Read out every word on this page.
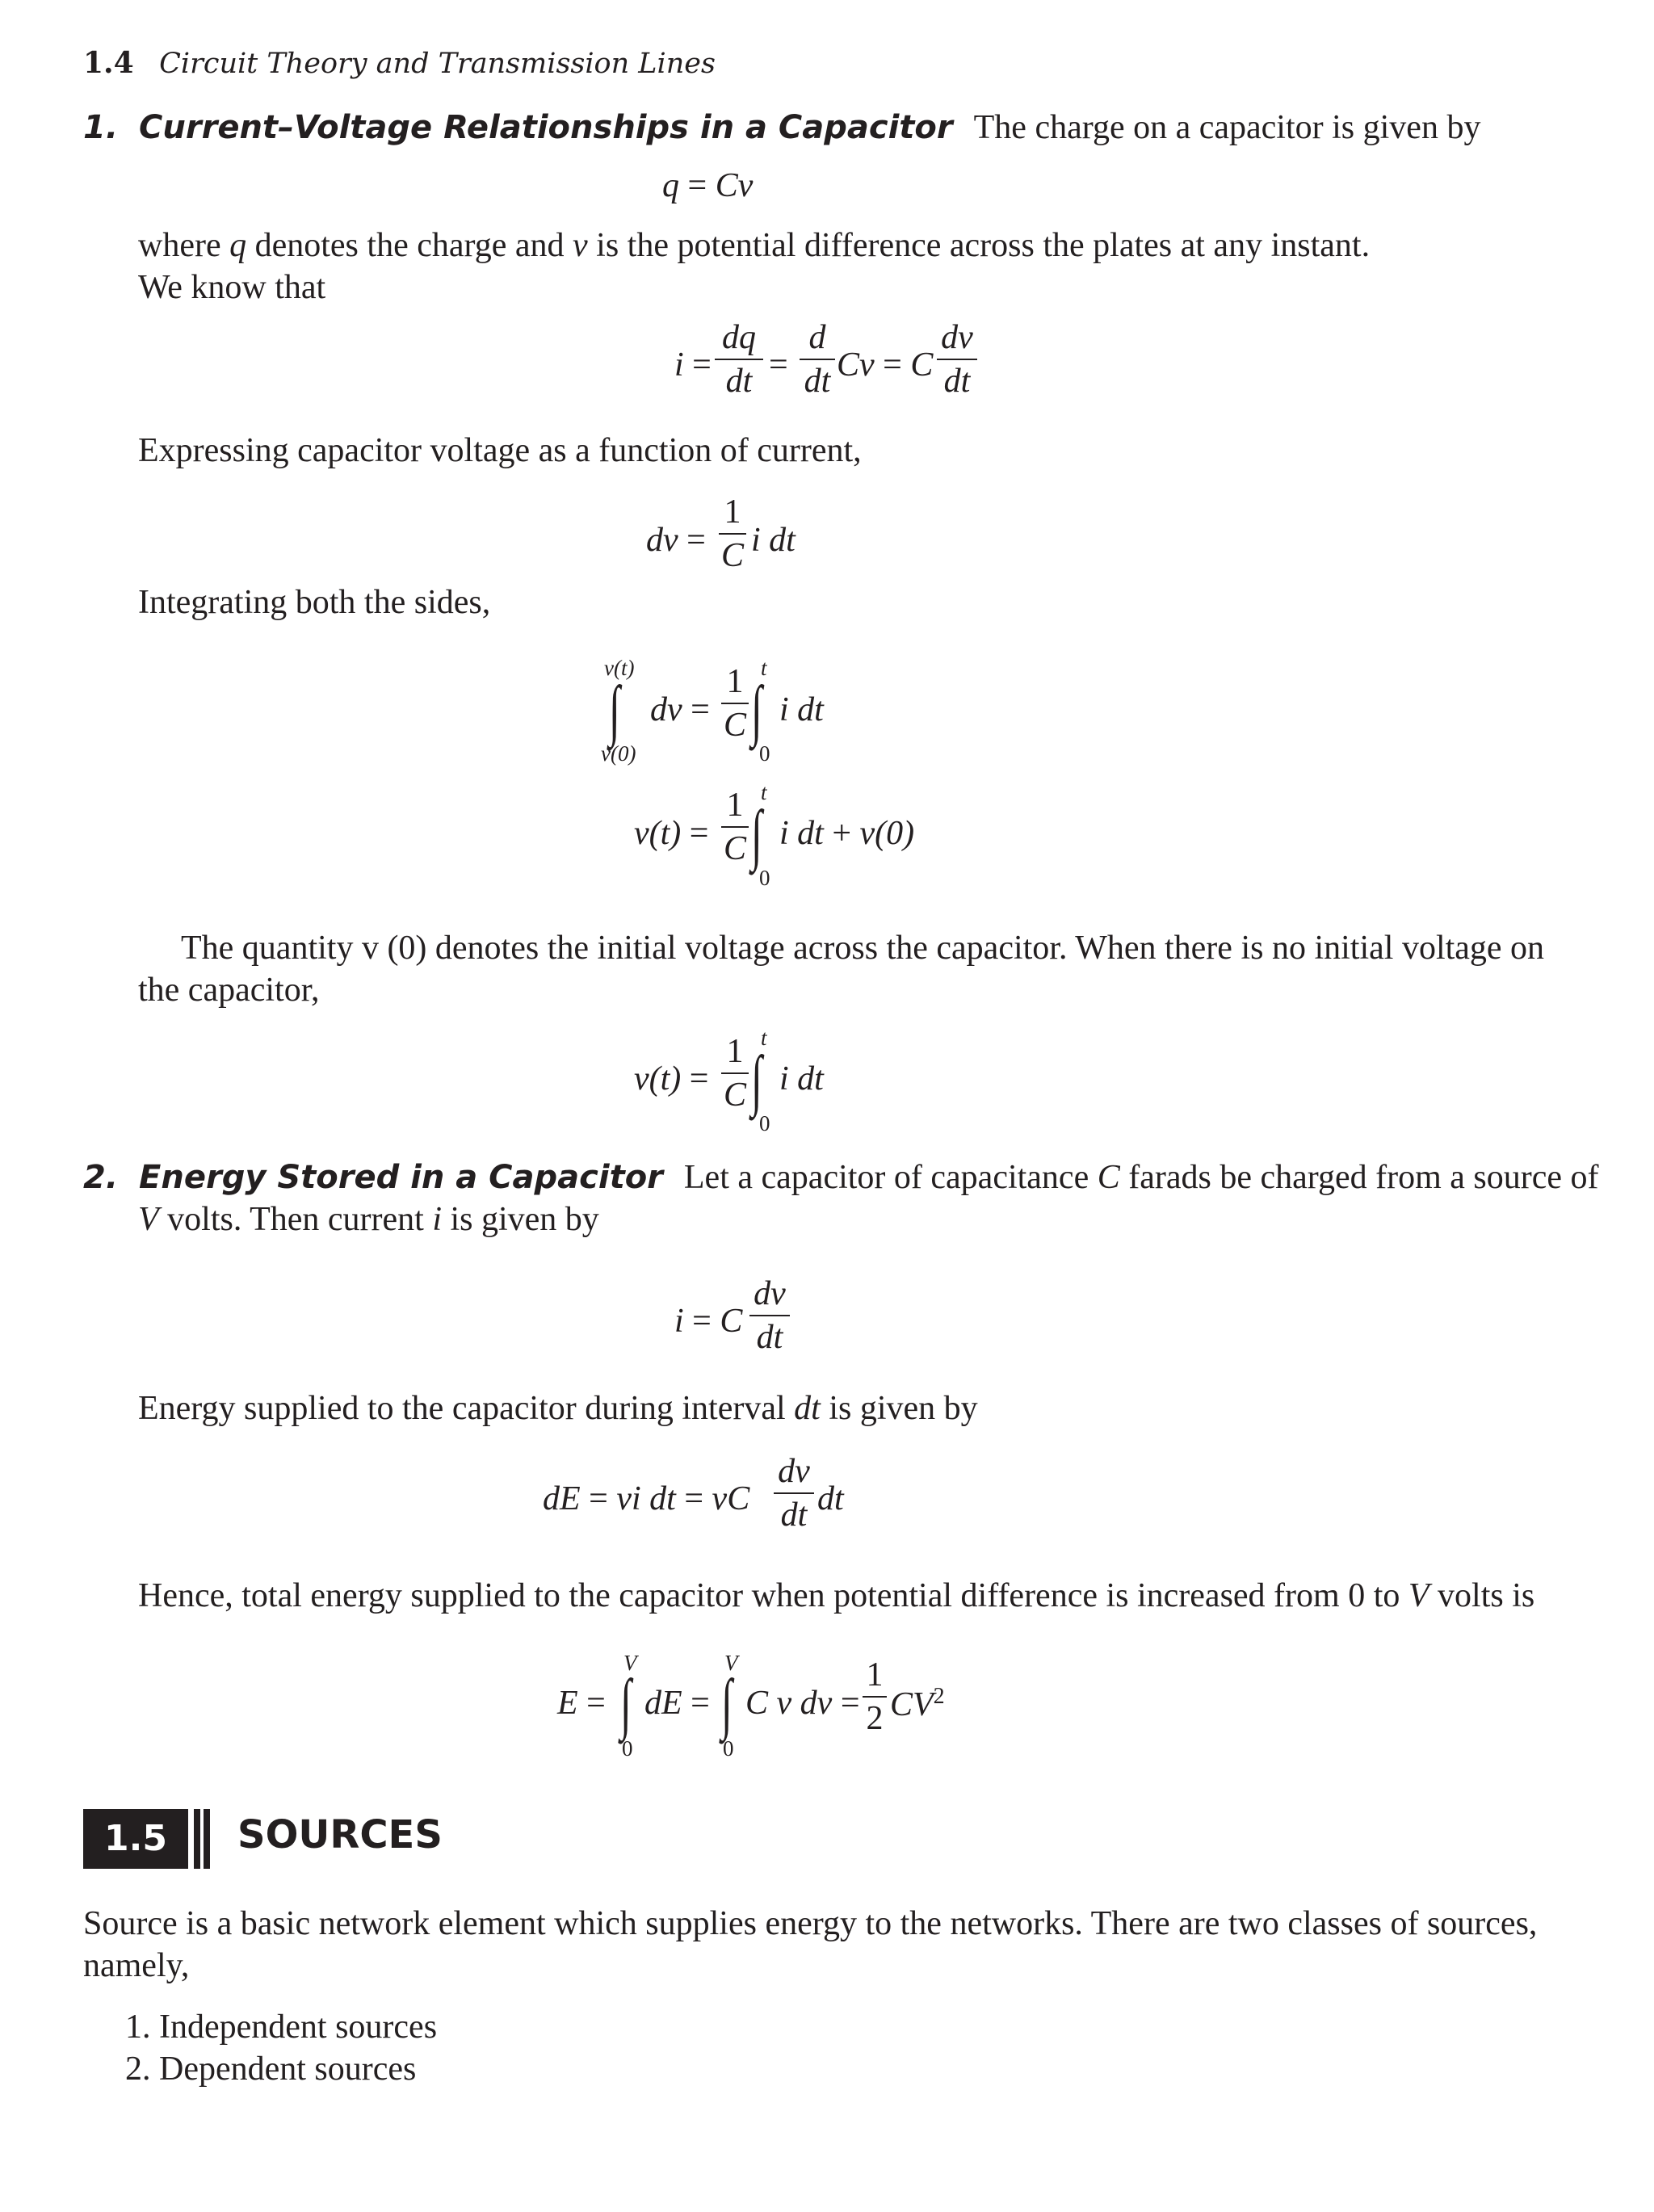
1.4 Circuit Theory and Transmission Lines
1. Current–Voltage Relationships in a Capacitor The charge on a capacitor is given by
q = Cv
where q denotes the charge and v is the potential difference across the plates at any instant.
We know that
i =
dq
dt =
d
dt Cv = C
dv
dt
Expressing capacitor voltage as a function of current,
dv =
1
C i dt
Integrating both the sides,
v(t)
∫
v(0)
dv =
1
C
t
∫
0
i dt
v(t) =
1
C
t
∫
0
i dt + v(0)
The quantity v (0) denotes the initial voltage across the capacitor. When there is no initial voltage on
the capacitor,
v(t) =
1
C
t
∫
0
i dt
2. Energy Stored in a Capacitor Let a capacitor of capacitance C farads be charged from a source of
V volts. Then current i is given by
i = C
dv
dt
Energy supplied to the capacitor during interval dt is given by
dE = vi dt = vC
dv
dt dt
Hence, total energy supplied to the capacitor when potential difference is increased from 0 to V volts is
E =
V
∫
0
dE =
V
∫
0
C v dv =
1
2 $CV^2$
1.5	SOURCES
Source is a basic network element which supplies energy to the networks. There are two classes of sources,
namely,
1. Independent sources
2. Dependent sources
